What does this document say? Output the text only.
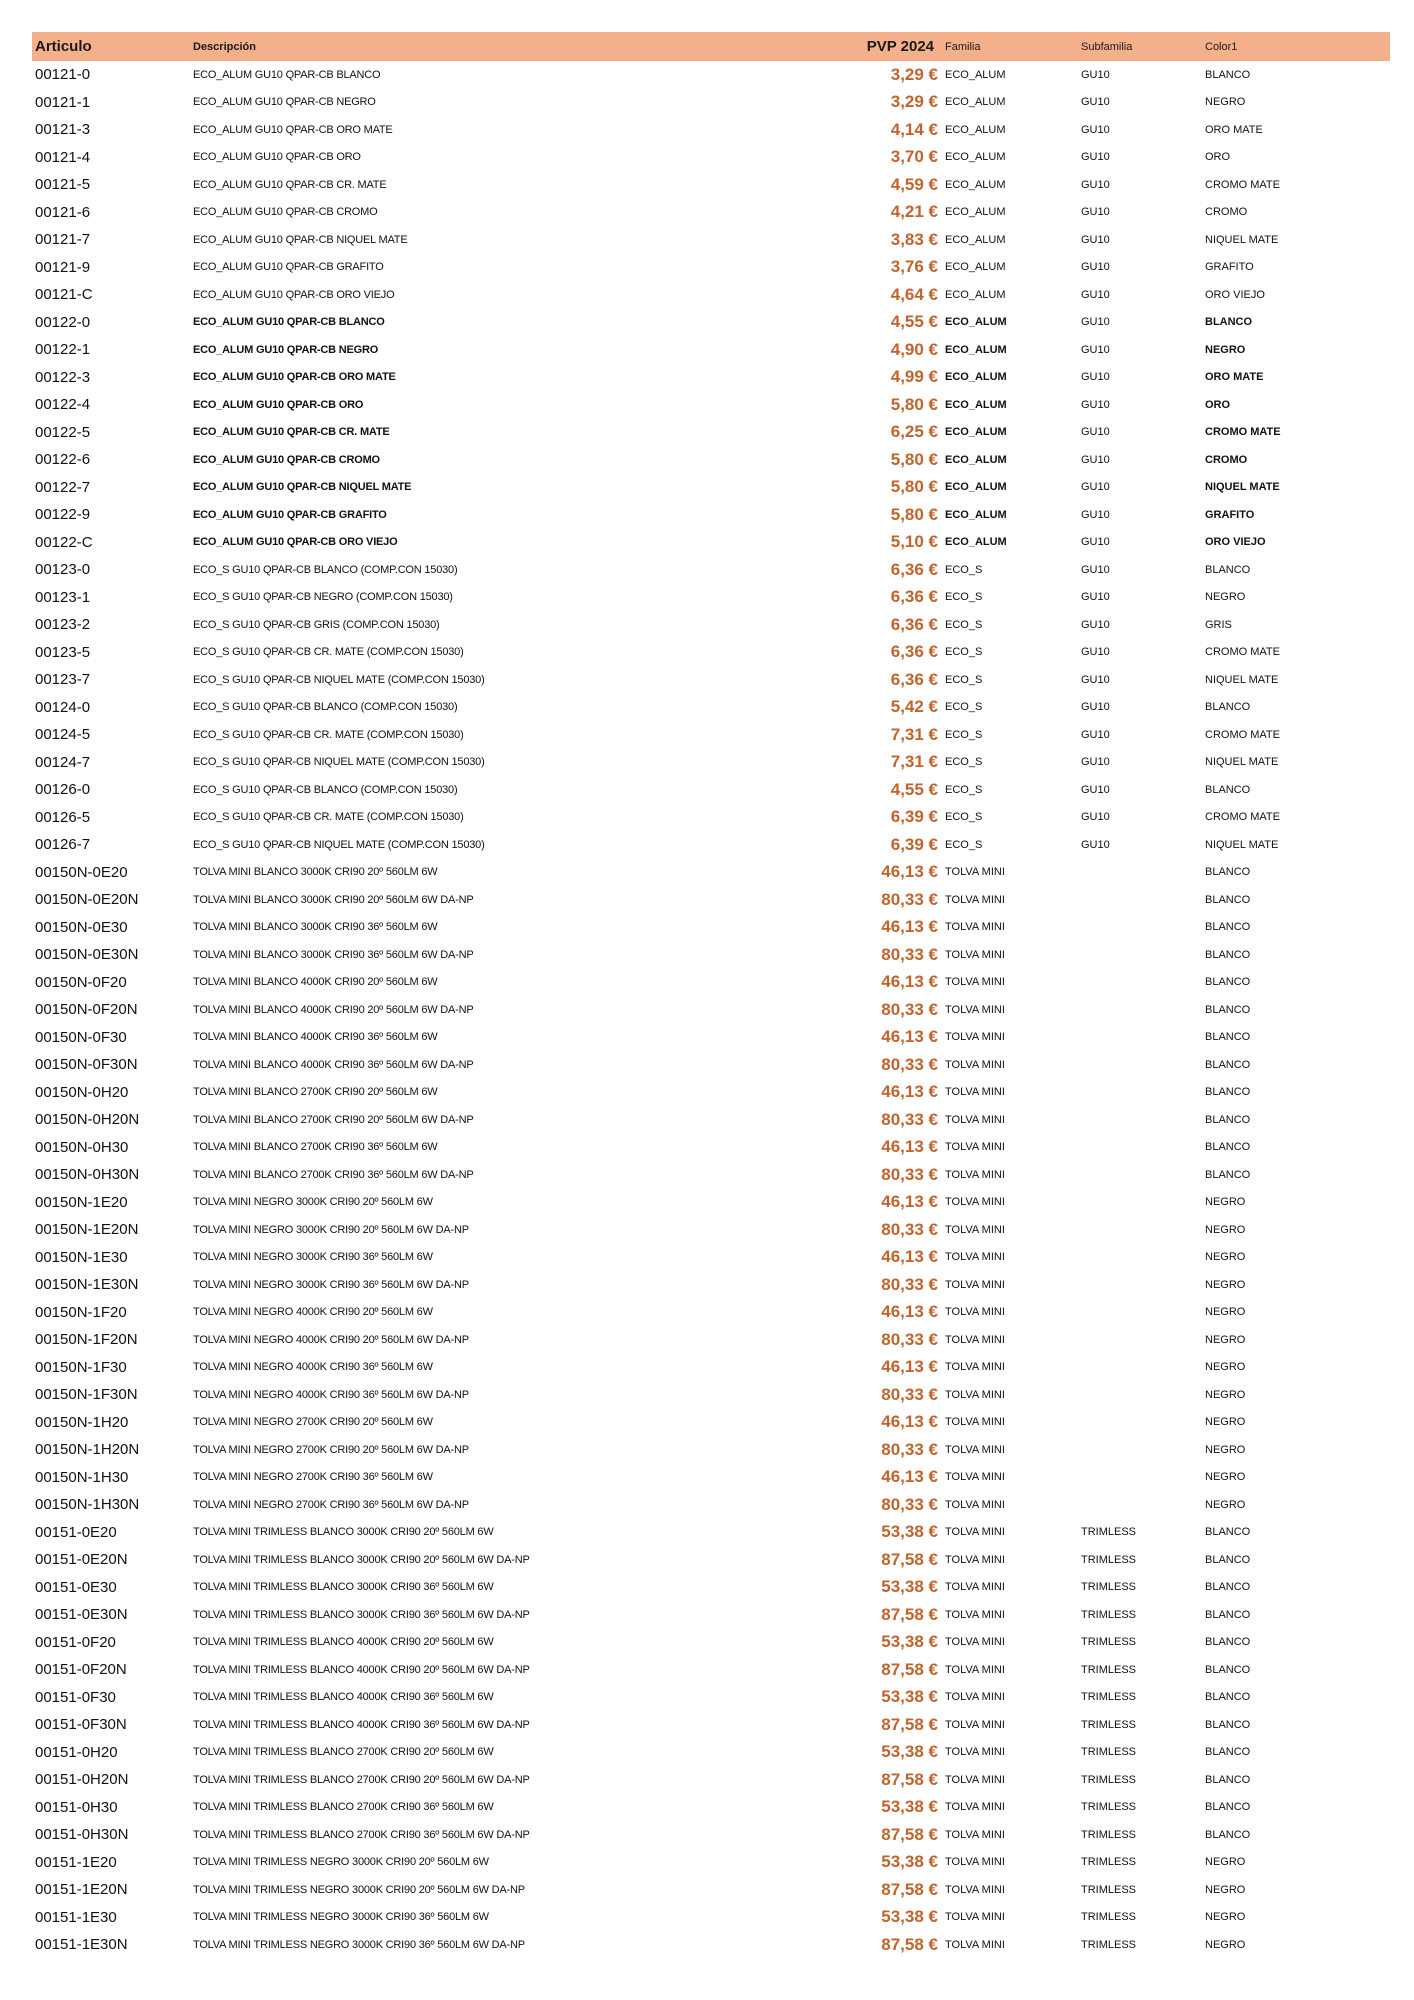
Articulo	Descripción	PVP 2024	Familia	Subfamilia	Color1
00121-0	ECO_ALUM GU10 QPAR-CB BLANCO	3,29 €	ECO_ALUM	GU10	BLANCO
00121-1	ECO_ALUM GU10 QPAR-CB NEGRO	3,29 €	ECO_ALUM	GU10	NEGRO
00121-3	ECO_ALUM GU10 QPAR-CB ORO MATE	4,14 €	ECO_ALUM	GU10	ORO MATE
00121-4	ECO_ALUM GU10 QPAR-CB ORO	3,70 €	ECO_ALUM	GU10	ORO
00121-5	ECO_ALUM GU10 QPAR-CB CR. MATE	4,59 €	ECO_ALUM	GU10	CROMO MATE
00121-6	ECO_ALUM GU10 QPAR-CB CROMO	4,21 €	ECO_ALUM	GU10	CROMO
00121-7	ECO_ALUM GU10 QPAR-CB NIQUEL MATE	3,83 €	ECO_ALUM	GU10	NIQUEL MATE
00121-9	ECO_ALUM GU10 QPAR-CB GRAFITO	3,76 €	ECO_ALUM	GU10	GRAFITO
00121-C	ECO_ALUM GU10 QPAR-CB ORO VIEJO	4,64 €	ECO_ALUM	GU10	ORO VIEJO
00122-0	ECO_ALUM GU10 QPAR-CB BLANCO	4,55 €	ECO_ALUM	GU10	BLANCO
00122-1	ECO_ALUM GU10 QPAR-CB NEGRO	4,90 €	ECO_ALUM	GU10	NEGRO
00122-3	ECO_ALUM GU10 QPAR-CB ORO MATE	4,99 €	ECO_ALUM	GU10	ORO MATE
00122-4	ECO_ALUM GU10 QPAR-CB ORO	5,80 €	ECO_ALUM	GU10	ORO
00122-5	ECO_ALUM GU10 QPAR-CB CR. MATE	6,25 €	ECO_ALUM	GU10	CROMO MATE
00122-6	ECO_ALUM GU10 QPAR-CB CROMO	5,80 €	ECO_ALUM	GU10	CROMO
00122-7	ECO_ALUM GU10 QPAR-CB NIQUEL MATE	5,80 €	ECO_ALUM	GU10	NIQUEL MATE
00122-9	ECO_ALUM GU10 QPAR-CB GRAFITO	5,80 €	ECO_ALUM	GU10	GRAFITO
00122-C	ECO_ALUM GU10 QPAR-CB ORO VIEJO	5,10 €	ECO_ALUM	GU10	ORO VIEJO
00123-0	ECO_S GU10 QPAR-CB BLANCO (COMP.CON 15030)	6,36 €	ECO_S	GU10	BLANCO
00123-1	ECO_S GU10 QPAR-CB NEGRO (COMP.CON 15030)	6,36 €	ECO_S	GU10	NEGRO
00123-2	ECO_S GU10 QPAR-CB GRIS (COMP.CON 15030)	6,36 €	ECO_S	GU10	GRIS
00123-5	ECO_S GU10 QPAR-CB CR. MATE (COMP.CON 15030)	6,36 €	ECO_S	GU10	CROMO MATE
00123-7	ECO_S GU10 QPAR-CB NIQUEL MATE (COMP.CON 15030)	6,36 €	ECO_S	GU10	NIQUEL MATE
00124-0	ECO_S GU10 QPAR-CB BLANCO (COMP.CON 15030)	5,42 €	ECO_S	GU10	BLANCO
00124-5	ECO_S GU10 QPAR-CB CR. MATE (COMP.CON 15030)	7,31 €	ECO_S	GU10	CROMO MATE
00124-7	ECO_S GU10 QPAR-CB NIQUEL MATE (COMP.CON 15030)	7,31 €	ECO_S	GU10	NIQUEL MATE
00126-0	ECO_S GU10 QPAR-CB BLANCO (COMP.CON 15030)	4,55 €	ECO_S	GU10	BLANCO
00126-5	ECO_S GU10 QPAR-CB CR. MATE (COMP.CON 15030)	6,39 €	ECO_S	GU10	CROMO MATE
00126-7	ECO_S GU10 QPAR-CB NIQUEL MATE (COMP.CON 15030)	6,39 €	ECO_S	GU10	NIQUEL MATE
00150N-0E20	TOLVA MINI BLANCO 3000K CRI90 20º 560LM 6W	46,13 €	TOLVA MINI		BLANCO
00150N-0E20N	TOLVA MINI BLANCO 3000K CRI90 20º 560LM 6W DA-NP	80,33 €	TOLVA MINI		BLANCO
00150N-0E30	TOLVA MINI BLANCO 3000K CRI90 36º 560LM 6W	46,13 €	TOLVA MINI		BLANCO
00150N-0E30N	TOLVA MINI BLANCO 3000K CRI90 36º 560LM 6W DA-NP	80,33 €	TOLVA MINI		BLANCO
00150N-0F20	TOLVA MINI BLANCO 4000K CRI90 20º 560LM 6W	46,13 €	TOLVA MINI		BLANCO
00150N-0F20N	TOLVA MINI BLANCO 4000K CRI90 20º 560LM 6W DA-NP	80,33 €	TOLVA MINI		BLANCO
00150N-0F30	TOLVA MINI BLANCO 4000K CRI90 36º 560LM 6W	46,13 €	TOLVA MINI		BLANCO
00150N-0F30N	TOLVA MINI BLANCO 4000K CRI90 36º 560LM 6W DA-NP	80,33 €	TOLVA MINI		BLANCO
00150N-0H20	TOLVA MINI BLANCO 2700K CRI90 20º 560LM 6W	46,13 €	TOLVA MINI		BLANCO
00150N-0H20N	TOLVA MINI BLANCO 2700K CRI90 20º 560LM 6W DA-NP	80,33 €	TOLVA MINI		BLANCO
00150N-0H30	TOLVA MINI BLANCO 2700K CRI90 36º 560LM 6W	46,13 €	TOLVA MINI		BLANCO
00150N-0H30N	TOLVA MINI BLANCO 2700K CRI90 36º 560LM 6W DA-NP	80,33 €	TOLVA MINI		BLANCO
00150N-1E20	TOLVA MINI NEGRO 3000K CRI90 20º 560LM 6W	46,13 €	TOLVA MINI		NEGRO
00150N-1E20N	TOLVA MINI NEGRO 3000K CRI90 20º 560LM 6W DA-NP	80,33 €	TOLVA MINI		NEGRO
00150N-1E30	TOLVA MINI NEGRO 3000K CRI90 36º 560LM 6W	46,13 €	TOLVA MINI		NEGRO
00150N-1E30N	TOLVA MINI NEGRO 3000K CRI90 36º 560LM 6W DA-NP	80,33 €	TOLVA MINI		NEGRO
00150N-1F20	TOLVA MINI NEGRO 4000K CRI90 20º 560LM 6W	46,13 €	TOLVA MINI		NEGRO
00150N-1F20N	TOLVA MINI NEGRO 4000K CRI90 20º 560LM 6W DA-NP	80,33 €	TOLVA MINI		NEGRO
00150N-1F30	TOLVA MINI NEGRO 4000K CRI90 36º 560LM 6W	46,13 €	TOLVA MINI		NEGRO
00150N-1F30N	TOLVA MINI NEGRO 4000K CRI90 36º 560LM 6W DA-NP	80,33 €	TOLVA MINI		NEGRO
00150N-1H20	TOLVA MINI NEGRO 2700K CRI90 20º 560LM 6W	46,13 €	TOLVA MINI		NEGRO
00150N-1H20N	TOLVA MINI NEGRO 2700K CRI90 20º 560LM 6W DA-NP	80,33 €	TOLVA MINI		NEGRO
00150N-1H30	TOLVA MINI NEGRO 2700K CRI90 36º 560LM 6W	46,13 €	TOLVA MINI		NEGRO
00150N-1H30N	TOLVA MINI NEGRO 2700K CRI90 36º 560LM 6W DA-NP	80,33 €	TOLVA MINI		NEGRO
00151-0E20	TOLVA MINI TRIMLESS BLANCO 3000K CRI90 20º 560LM 6W	53,38 €	TOLVA MINI	TRIMLESS	BLANCO
00151-0E20N	TOLVA MINI TRIMLESS BLANCO 3000K CRI90 20º 560LM 6W DA-NP	87,58 €	TOLVA MINI	TRIMLESS	BLANCO
00151-0E30	TOLVA MINI TRIMLESS BLANCO 3000K CRI90 36º 560LM 6W	53,38 €	TOLVA MINI	TRIMLESS	BLANCO
00151-0E30N	TOLVA MINI TRIMLESS BLANCO 3000K CRI90 36º 560LM 6W DA-NP	87,58 €	TOLVA MINI	TRIMLESS	BLANCO
00151-0F20	TOLVA MINI TRIMLESS BLANCO 4000K CRI90 20º 560LM 6W	53,38 €	TOLVA MINI	TRIMLESS	BLANCO
00151-0F20N	TOLVA MINI TRIMLESS BLANCO 4000K CRI90 20º 560LM 6W DA-NP	87,58 €	TOLVA MINI	TRIMLESS	BLANCO
00151-0F30	TOLVA MINI TRIMLESS BLANCO 4000K CRI90 36º 560LM 6W	53,38 €	TOLVA MINI	TRIMLESS	BLANCO
00151-0F30N	TOLVA MINI TRIMLESS BLANCO 4000K CRI90 36º 560LM 6W DA-NP	87,58 €	TOLVA MINI	TRIMLESS	BLANCO
00151-0H20	TOLVA MINI TRIMLESS BLANCO 2700K CRI90 20º 560LM 6W	53,38 €	TOLVA MINI	TRIMLESS	BLANCO
00151-0H20N	TOLVA MINI TRIMLESS BLANCO 2700K CRI90 20º 560LM 6W DA-NP	87,58 €	TOLVA MINI	TRIMLESS	BLANCO
00151-0H30	TOLVA MINI TRIMLESS BLANCO 2700K CRI90 36º 560LM 6W	53,38 €	TOLVA MINI	TRIMLESS	BLANCO
00151-0H30N	TOLVA MINI TRIMLESS BLANCO 2700K CRI90 36º 560LM 6W DA-NP	87,58 €	TOLVA MINI	TRIMLESS	BLANCO
00151-1E20	TOLVA MINI TRIMLESS NEGRO 3000K CRI90 20º 560LM 6W	53,38 €	TOLVA MINI	TRIMLESS	NEGRO
00151-1E20N	TOLVA MINI TRIMLESS NEGRO 3000K CRI90 20º 560LM 6W DA-NP	87,58 €	TOLVA MINI	TRIMLESS	NEGRO
00151-1E30	TOLVA MINI TRIMLESS NEGRO 3000K CRI90 36º 560LM 6W	53,38 €	TOLVA MINI	TRIMLESS	NEGRO
00151-1E30N	TOLVA MINI TRIMLESS NEGRO 3000K CRI90 36º 560LM 6W DA-NP	87,58 €	TOLVA MINI	TRIMLESS	NEGRO
